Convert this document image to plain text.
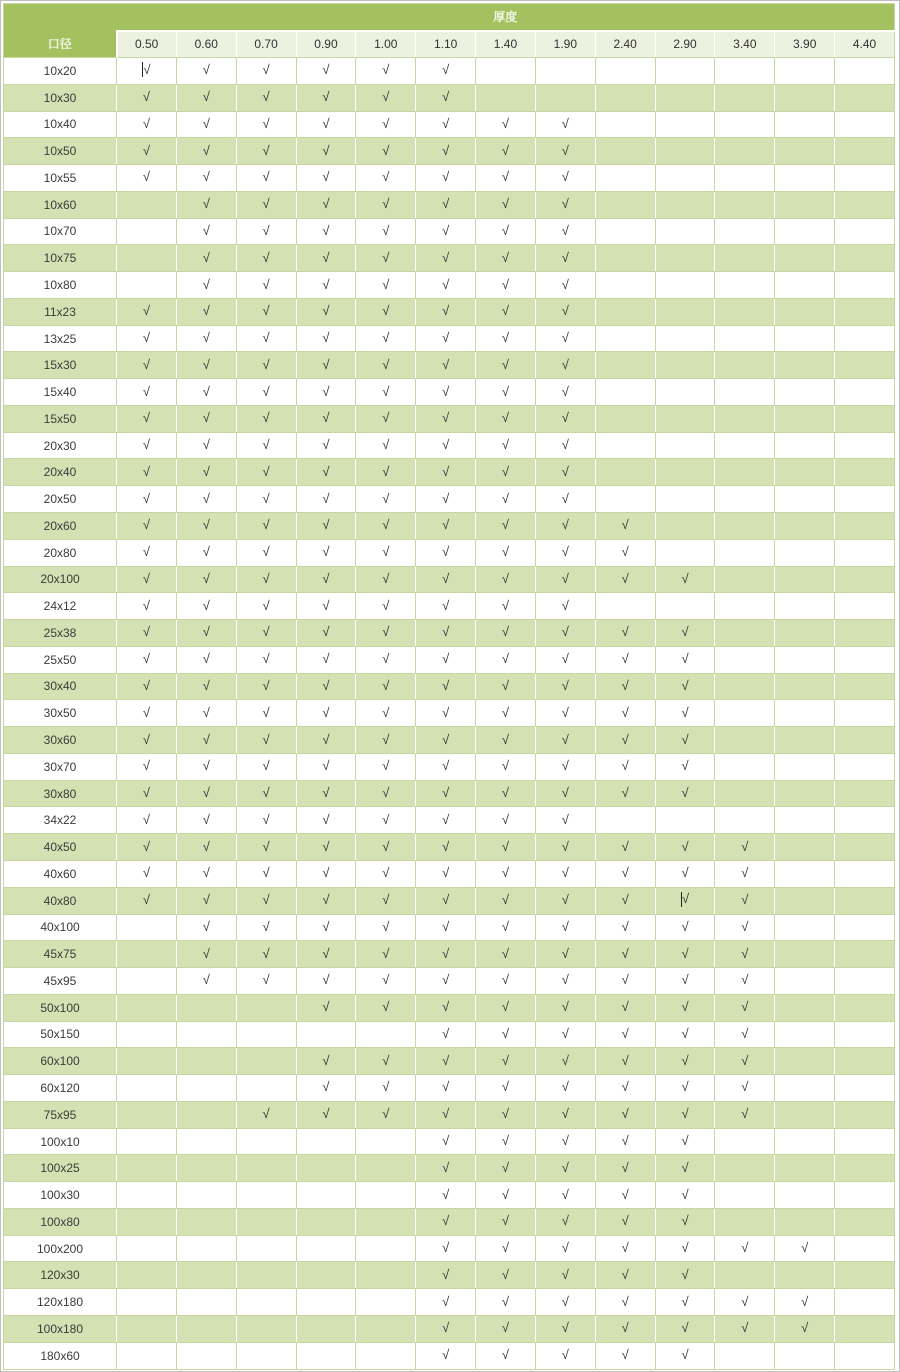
	厚度												
口径	0.50	0.60	0.70	0.90	1.00	1.10	1.40	1.90	2.40	2.90	3.40	3.90	4.40
10x20	√	√	√	√	√	√							
10x30	√	√	√	√	√	√							
10x40	√	√	√	√	√	√	√	√					
10x50	√	√	√	√	√	√	√	√					
10x55	√	√	√	√	√	√	√	√					
10x60		√	√	√	√	√	√	√					
10x70		√	√	√	√	√	√	√					
10x75		√	√	√	√	√	√	√					
10x80		√	√	√	√	√	√	√					
11x23	√	√	√	√	√	√	√	√					
13x25	√	√	√	√	√	√	√	√					
15x30	√	√	√	√	√	√	√	√					
15x40	√	√	√	√	√	√	√	√					
15x50	√	√	√	√	√	√	√	√					
20x30	√	√	√	√	√	√	√	√					
20x40	√	√	√	√	√	√	√	√					
20x50	√	√	√	√	√	√	√	√					
20x60	√	√	√	√	√	√	√	√	√				
20x80	√	√	√	√	√	√	√	√	√				
20x100	√	√	√	√	√	√	√	√	√	√			
24x12	√	√	√	√	√	√	√	√					
25x38	√	√	√	√	√	√	√	√	√	√			
25x50	√	√	√	√	√	√	√	√	√	√			
30x40	√	√	√	√	√	√	√	√	√	√			
30x50	√	√	√	√	√	√	√	√	√	√			
30x60	√	√	√	√	√	√	√	√	√	√			
30x70	√	√	√	√	√	√	√	√	√	√			
30x80	√	√	√	√	√	√	√	√	√	√			
34x22	√	√	√	√	√	√	√	√					
40x50	√	√	√	√	√	√	√	√	√	√	√		
40x60	√	√	√	√	√	√	√	√	√	√	√		
40x80	√	√	√	√	√	√	√	√	√	√	√		
40x100		√	√	√	√	√	√	√	√	√	√		
45x75		√	√	√	√	√	√	√	√	√	√		
45x95		√	√	√	√	√	√	√	√	√	√		
50x100				√	√	√	√	√	√	√	√		
50x150						√	√	√	√	√	√		
60x100				√	√	√	√	√	√	√	√		
60x120				√	√	√	√	√	√	√	√		
75x95			√	√	√	√	√	√	√	√	√		
100x10						√	√	√	√	√			
100x25						√	√	√	√	√			
100x30						√	√	√	√	√			
100x80						√	√	√	√	√			
100x200						√	√	√	√	√	√	√	
120x30						√	√	√	√	√			
120x180						√	√	√	√	√	√	√	
100x180						√	√	√	√	√	√	√	
180x60						√	√	√	√	√			
